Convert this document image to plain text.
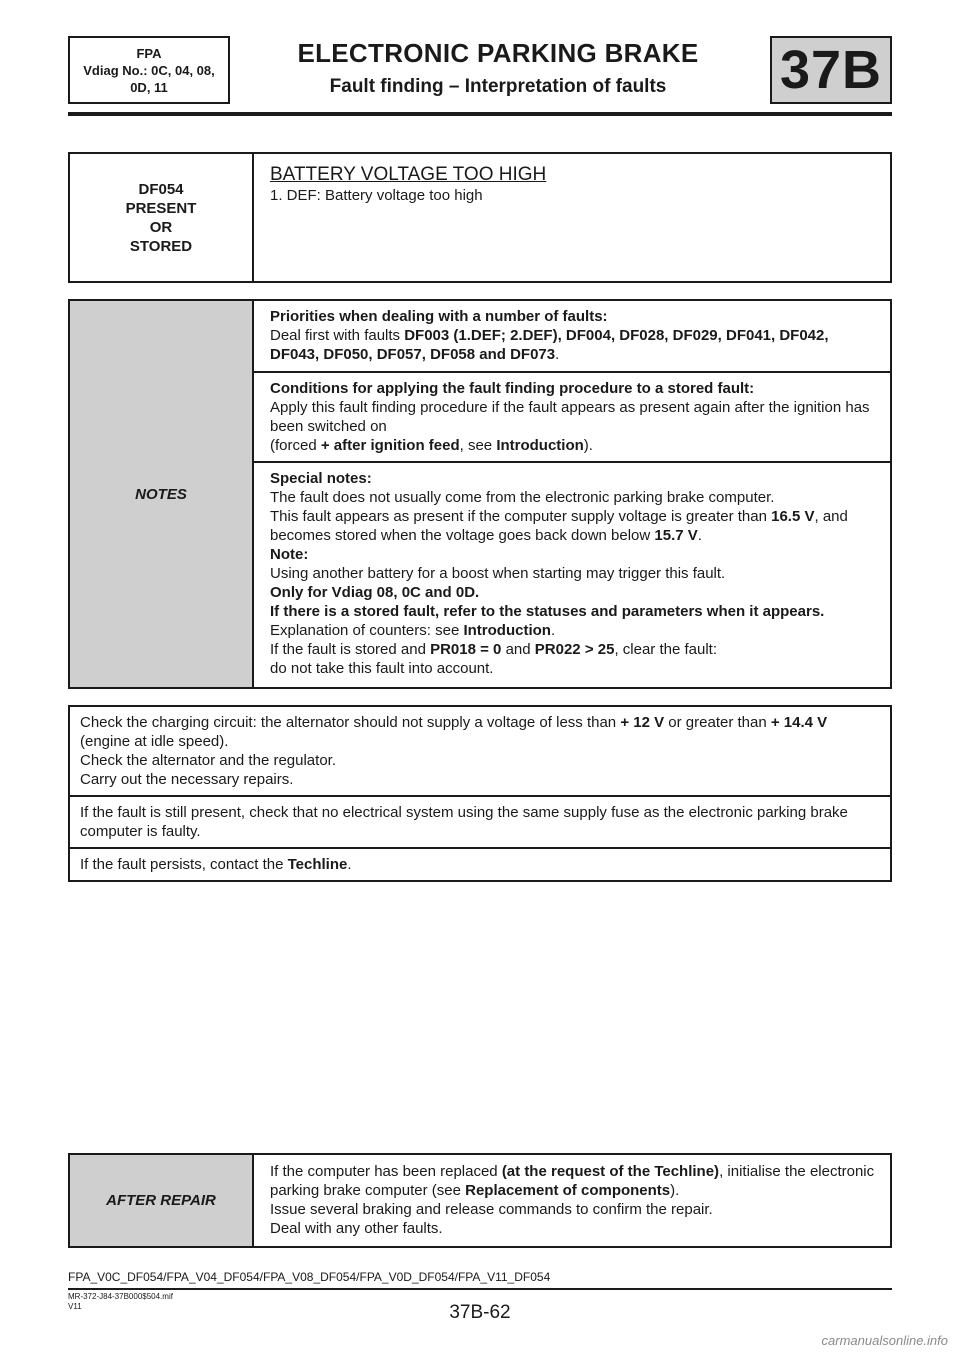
FPA
Vdiag No.: 0C, 04, 08,
0D, 11
ELECTRONIC PARKING BRAKE
Fault finding – Interpretation of faults	37B
DF054
PRESENT
OR
STORED

BATTERY VOLTAGE TOO HIGH
1. DEF: Battery voltage too high
NOTES	
Priorities when dealing with a number of faults:
Deal first with faults DF003 (1.DEF; 2.DEF), DF004, DF028, DF029, DF041, DF042, DF043, DF050, DF057, DF058 and DF073.

Conditions for applying the fault finding procedure to a stored fault:
Apply this fault finding procedure if the fault appears as present again after the ignition has been switched on
(forced + after ignition feed, see Introduction).

Special notes:
The fault does not usually come from the electronic parking brake computer.
This fault appears as present if the computer supply voltage is greater than 16.5 V, and becomes stored when the voltage goes back down below 15.7 V.
Note:
Using another battery for a boost when starting may trigger this fault.
Only for Vdiag 08, 0C and 0D.
If there is a stored fault, refer to the statuses and parameters when it appears.
Explanation of counters: see Introduction.
If the fault is stored and PR018 = 0 and PR022 > 25, clear the fault:
do not take this fault into account.
Check the charging circuit: the alternator should not supply a voltage of less than + 12 V or greater than + 14.4 V (engine at idle speed).
Check the alternator and the regulator.
Carry out the necessary repairs.

If the fault is still present, check that no electrical system using the same supply fuse as the electronic parking brake computer is faulty.
If the fault persists, contact the Techline.
AFTER REPAIR	
If the computer has been replaced (at the request of the Techline), initialise the electronic parking brake computer (see Replacement of components).
Issue several braking and release commands to confirm the repair.
Deal with any other faults.
FPA_V0C_DF054/FPA_V04_DF054/FPA_V08_DF054/FPA_V0D_DF054/FPA_V11_DF054
MR-372-J84-37B000$504.mif
V11	37B-62
carmanualsonline.info
